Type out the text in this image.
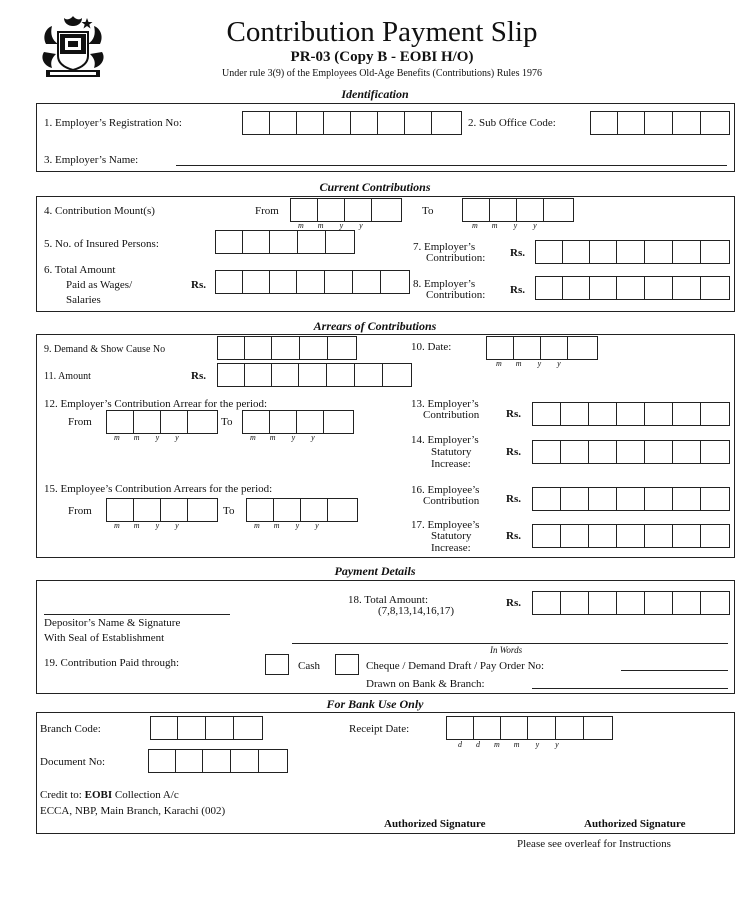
Contribution Payment Slip
PR-03 (Copy B - EOBI H/O)
Under rule 3(9) of the Employees Old-Age Benefits (Contributions) Rules 1976
Identification
1. Employer’s Registration No:	2. Sub Office Code:
3. Employer’s Name:
Current Contributions
4. Contribution Mount(s)	From
m m y y
To
m m y y
5. No. of Insured Persons:	7. Employer’s
Contribution: Rs.
6. Total Amount
Paid as Wages/
Salaries
Rs.	8. Employer’s
Contribution: Rs.
Arrears of Contributions
9. Demand & Show Cause No	10. Date:
m m y y
11. Amount	Rs.
12. Employer’s Contribution Arrear for the period:
From
m m y y
To
m m y y
13. Employer’s
Contribution Rs.
14. Employer’s
Statutory
Increase:
Rs.
15. Employee’s Contribution Arrears for the period:
From
m m y y
To
m m y y
16. Employee’s
Contribution Rs.
17. Employee’s
Statutory
Increase:
Rs.
Payment Details
18. Total Amount:
(7,8,13,14,16,17)
Rs.
Depositor’s Name & Signature
With Seal of Establishment
In Words
19. Contribution Paid through:	Cash	Cheque / Demand Draft / Pay Order No:
Drawn on Bank & Branch:
For Bank Use Only
Branch Code:	Receipt Date:
d d m m y y
Document No:
Credit to: EOBI Collection A/c
ECCA, NBP, Main Branch, Karachi (002)
Authorized Signature	Authorized Signature
Please see overleaf for Instructions
